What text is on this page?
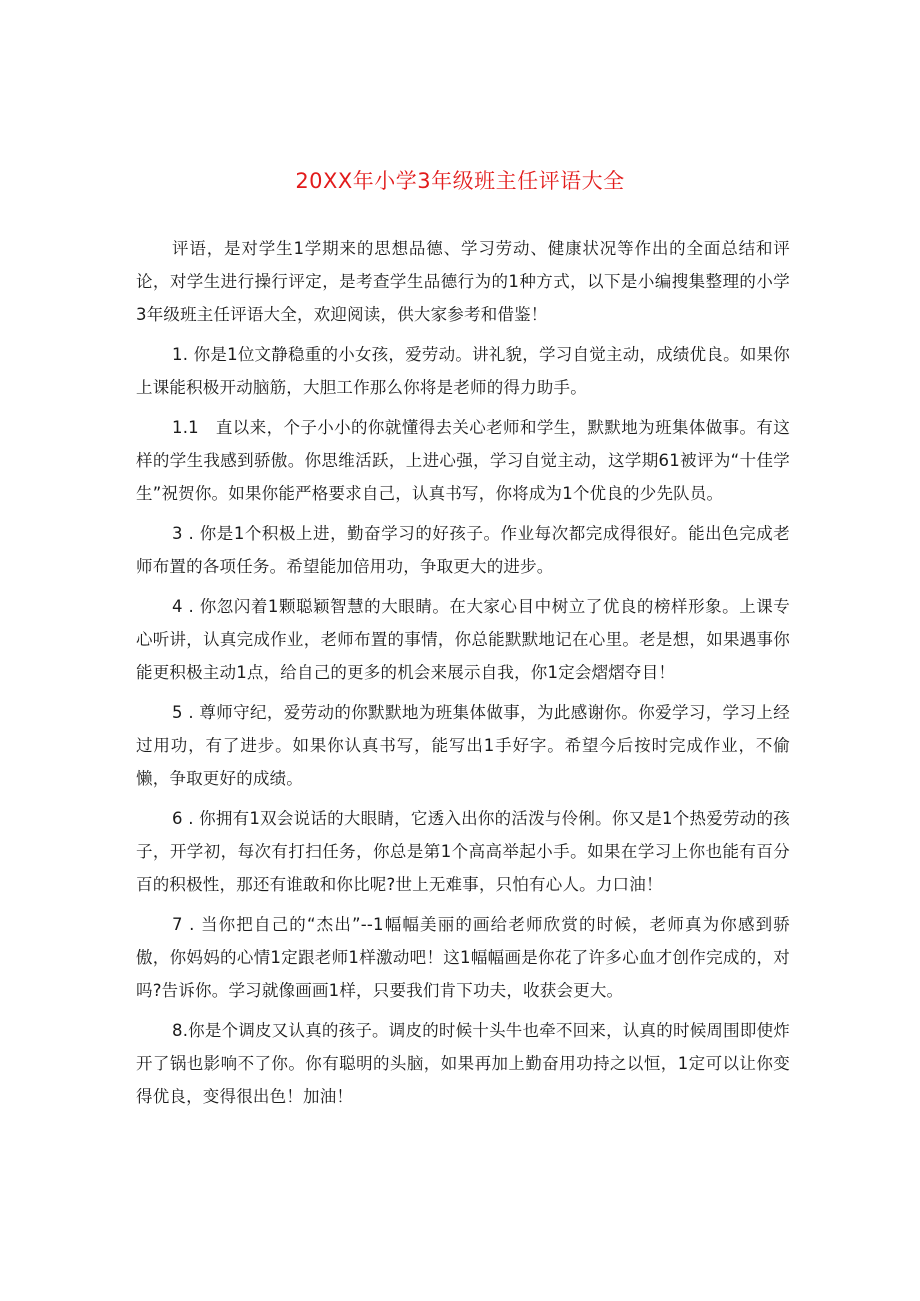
20XX年小学3年级班主任评语大全

评语，是对学生1学期来的思想品德、学习劳动、健康状况等作出的全面总结和评论，对学生进行操行评定，是考查学生品德行为的1种方式，以下是小编搜集整理的小学3年级班主任评语大全，欢迎阅读，供大家参考和借鉴！

1. 你是1位文静稳重的小女孩，爱劳动。讲礼貌，学习自觉主动，成绩优良。如果你上课能积极开动脑筋，大胆工作那么你将是老师的得力助手。

1.1　直以来，个子小小的你就懂得去关心老师和学生，默默地为班集体做事。有这样的学生我感到骄傲。你思维活跃，上进心强，学习自觉主动，这学期61被评为“十佳学生”祝贺你。如果你能严格要求自己，认真书写，你将成为1个优良的少先队员。

3 . 你是1个积极上进，勤奋学习的好孩子。作业每次都完成得很好。能出色完成老师布置的各项任务。希望能加倍用功，争取更大的进步。

4 . 你忽闪着1颗聪颖智慧的大眼睛。在大家心目中树立了优良的榜样形象。上课专心听讲，认真完成作业，老师布置的事情，你总能默默地记在心里。老是想，如果遇事你能更积极主动1点，给自己的更多的机会来展示自我，你1定会熠熠夺目！

5 . 尊师守纪，爱劳动的你默默地为班集体做事，为此感谢你。你爱学习，学习上经过用功，有了进步。如果你认真书写，能写出1手好字。希望今后按时完成作业，不偷懒，争取更好的成绩。

6 . 你拥有1双会说话的大眼睛，它透入出你的活泼与伶俐。你又是1个热爱劳动的孩子，开学初，每次有打扫任务，你总是第1个高高举起小手。如果在学习上你也能有百分百的积极性，那还有谁敢和你比呢?世上无难事，只怕有心人。力口油！

7 . 当你把自己的“杰出”--1幅幅美丽的画给老师欣赏的时候，老师真为你感到骄傲，你妈妈的心情1定跟老师1样激动吧！这1幅幅画是你花了许多心血才创作完成的，对吗?告诉你。学习就像画画1样，只要我们肯下功夫，收获会更大。

8.你是个调皮又认真的孩子。调皮的时候十头牛也牵不回来，认真的时候周围即使炸开了锅也影响不了你。你有聪明的头脑，如果再加上勤奋用功持之以恒，1定可以让你变得优良，变得很出色！加油！
